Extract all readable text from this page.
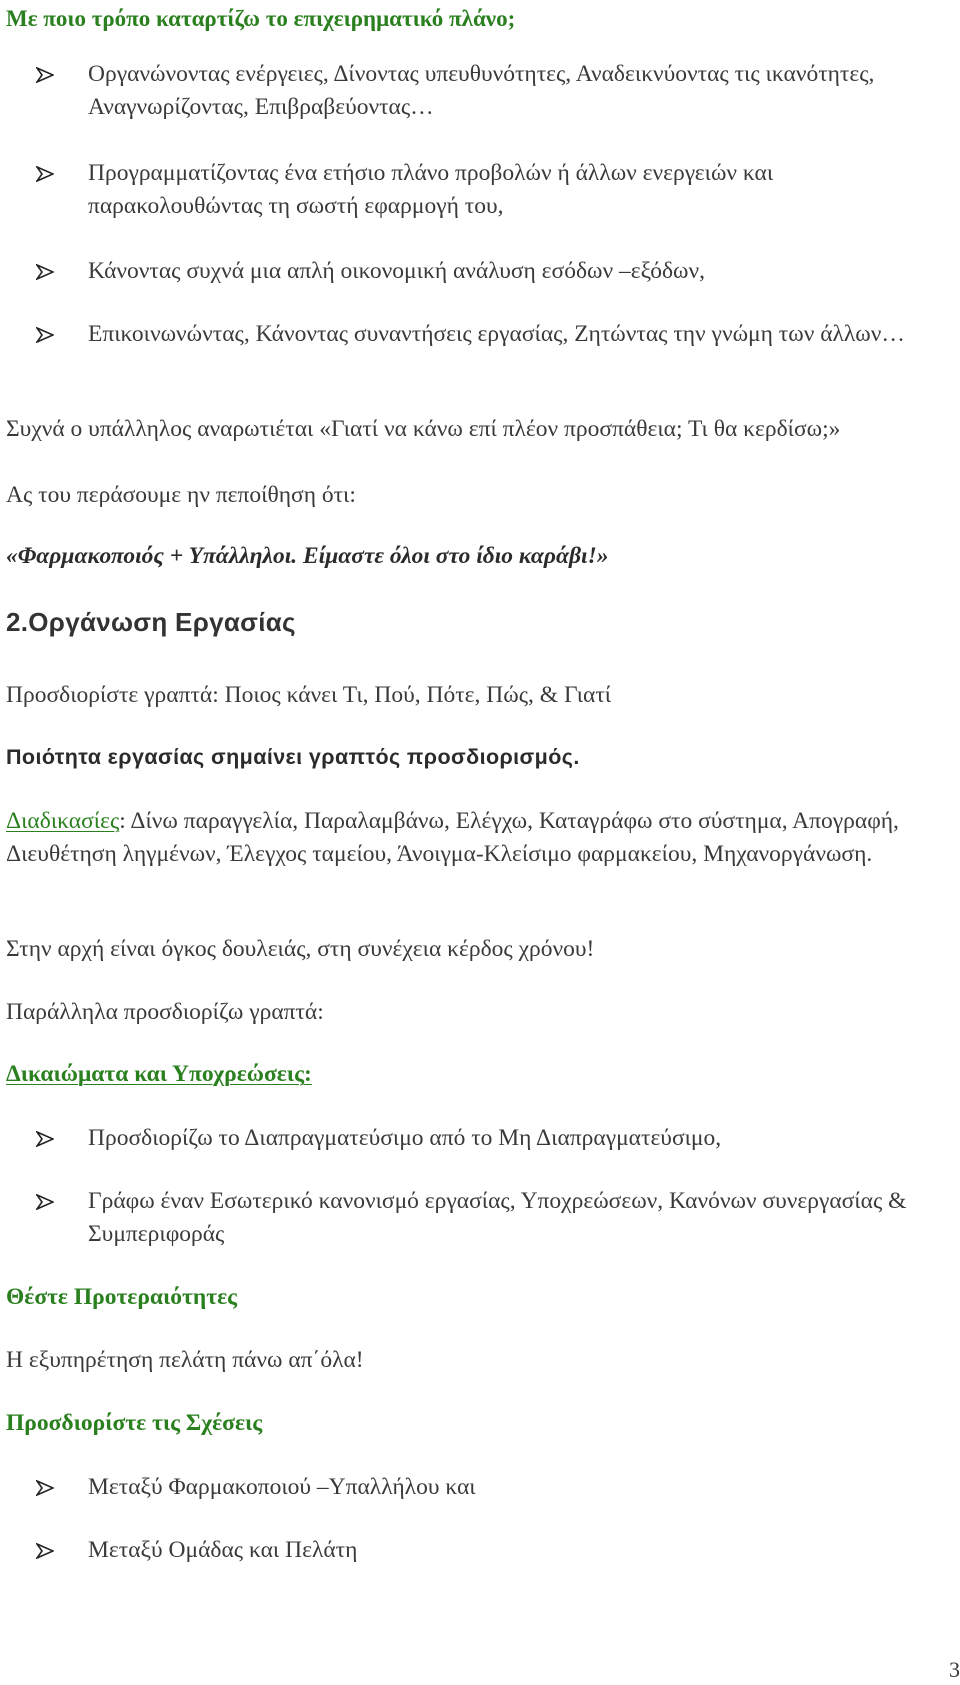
Με ποιο τρόπο καταρτίζω το επιχειρηματικό πλάνο;

Οργανώνοντας ενέργειες, Δίνοντας υπευθυνότητες, Αναδεικνύοντας τις ικανότητες, Αναγνωρίζοντας, Επιβραβεύοντας…
Προγραμματίζοντας ένα ετήσιο πλάνο προβολών ή άλλων ενεργειών και παρακολουθώντας τη σωστή εφαρμογή του,
Κάνοντας συχνά μια απλή οικονομική ανάλυση εσόδων –εξόδων,
Επικοινωνώντας, Κάνοντας συναντήσεις εργασίας, Ζητώντας την γνώμη των άλλων…

Συχνά ο υπάλληλος αναρωτιέται «Γιατί να κάνω επί πλέον προσπάθεια; Τι θα κερδίσω;»

Ας του περάσουμε ην πεποίθηση ότι:

«Φαρμακοποιός + Υπάλληλοι. Είμαστε όλοι στο ίδιο καράβι!»

2.Οργάνωση Εργασίας

Προσδιορίστε γραπτά: Ποιος κάνει Τι, Πού, Πότε, Πώς, & Γιατί

Ποιότητα εργασίας σημαίνει γραπτός προσδιορισμός.

Διαδικασίες: Δίνω παραγγελία, Παραλαμβάνω, Ελέγχω, Καταγράφω στο σύστημα, Απογραφή, Διευθέτηση ληγμένων, Έλεγχος ταμείου, Άνοιγμα-Κλείσιμο φαρμακείου, Μηχανοργάνωση.

Στην αρχή είναι όγκος δουλειάς, στη συνέχεια κέρδος χρόνου!

Παράλληλα προσδιορίζω γραπτά:

Δικαιώματα και Υποχρεώσεις:

Προσδιορίζω το Διαπραγματεύσιμο από το Μη Διαπραγματεύσιμο,
Γράφω έναν Εσωτερικό κανονισμό εργασίας, Υποχρεώσεων, Κανόνων συνεργασίας & Συμπεριφοράς

Θέστε Προτεραιότητες

Η εξυπηρέτηση πελάτη πάνω απ΄όλα!

Προσδιορίστε τις Σχέσεις

Μεταξύ Φαρμακοποιού –Υπαλλήλου και
Μεταξύ Ομάδας και Πελάτη
3
